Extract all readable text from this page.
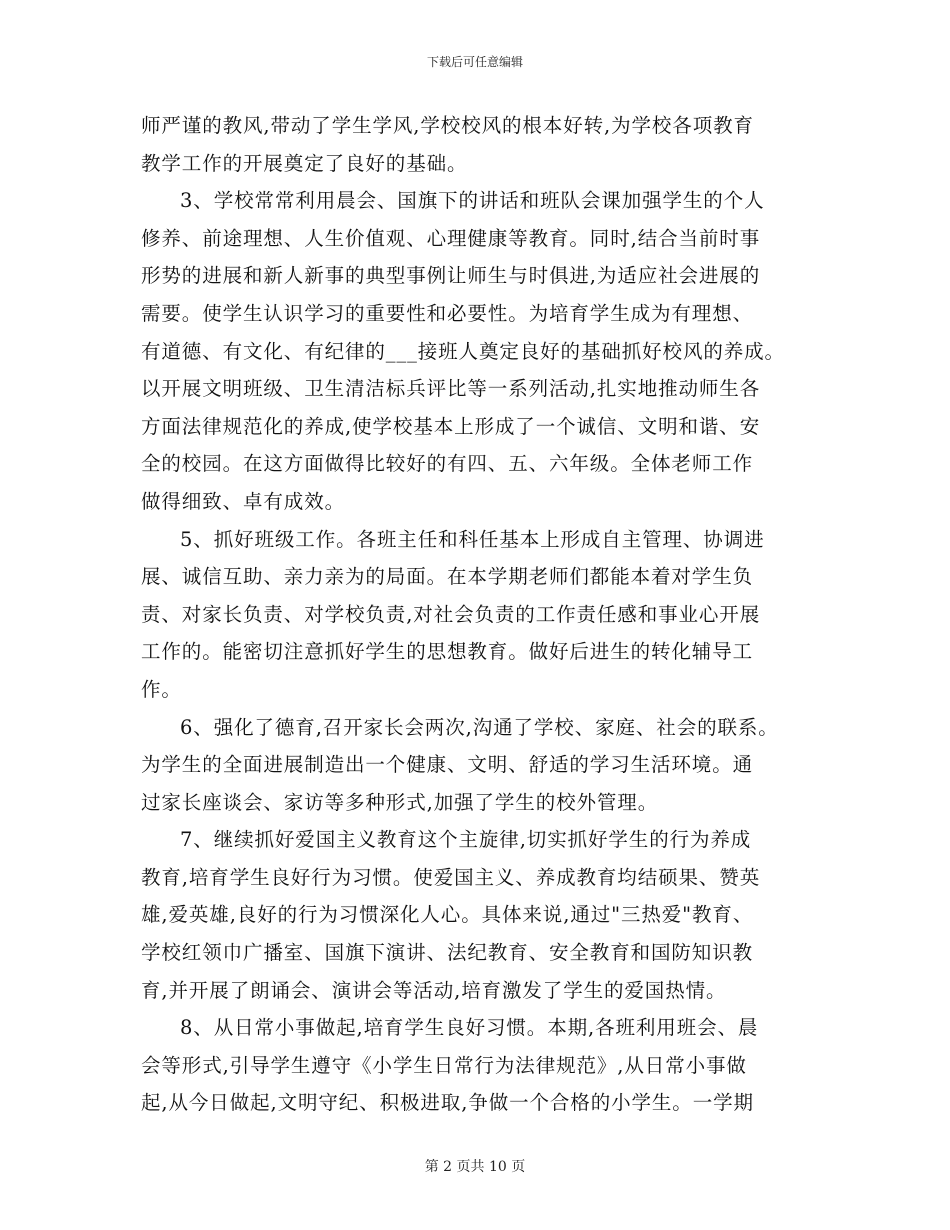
下载后可任意编辑
师严谨的教风,带动了学生学风,学校校风的根本好转,为学校各项教育
教学工作的开展奠定了良好的基础。
3、学校常常利用晨会、国旗下的讲话和班队会课加强学生的个人
修养、前途理想、人生价值观、心理健康等教育。同时,结合当前时事
形势的进展和新人新事的典型事例让师生与时俱进,为适应社会进展的
需要。使学生认识学习的重要性和必要性。为培育学生成为有理想、
有道德、有文化、有纪律的___接班人奠定良好的基础抓好校风的养成。
以开展文明班级、卫生清洁标兵评比等一系列活动,扎实地推动师生各
方面法律规范化的养成,使学校基本上形成了一个诚信、文明和谐、安
全的校园。在这方面做得比较好的有四、五、六年级。全体老师工作
做得细致、卓有成效。
5、抓好班级工作。各班主任和科任基本上形成自主管理、协调进
展、诚信互助、亲力亲为的局面。在本学期老师们都能本着对学生负
责、对家长负责、对学校负责,对社会负责的工作责任感和事业心开展
工作的。能密切注意抓好学生的思想教育。做好后进生的转化辅导工
作。
6、强化了德育,召开家长会两次,沟通了学校、家庭、社会的联系。
为学生的全面进展制造出一个健康、文明、舒适的学习生活环境。通
过家长座谈会、家访等多种形式,加强了学生的校外管理。
7、继续抓好爱国主义教育这个主旋律,切实抓好学生的行为养成
教育,培育学生良好行为习惯。使爱国主义、养成教育均结硕果、赞英
雄,爱英雄,良好的行为习惯深化人心。具体来说,通过"三热爱"教育、
学校红领巾广播室、国旗下演讲、法纪教育、安全教育和国防知识教
育,并开展了朗诵会、演讲会等活动,培育激发了学生的爱国热情。
8、从日常小事做起,培育学生良好习惯。本期,各班利用班会、晨
会等形式,引导学生遵守《小学生日常行为法律规范》,从日常小事做
起,从今日做起,文明守纪、积极进取,争做一个合格的小学生。一学期
第 2 页共 10 页
